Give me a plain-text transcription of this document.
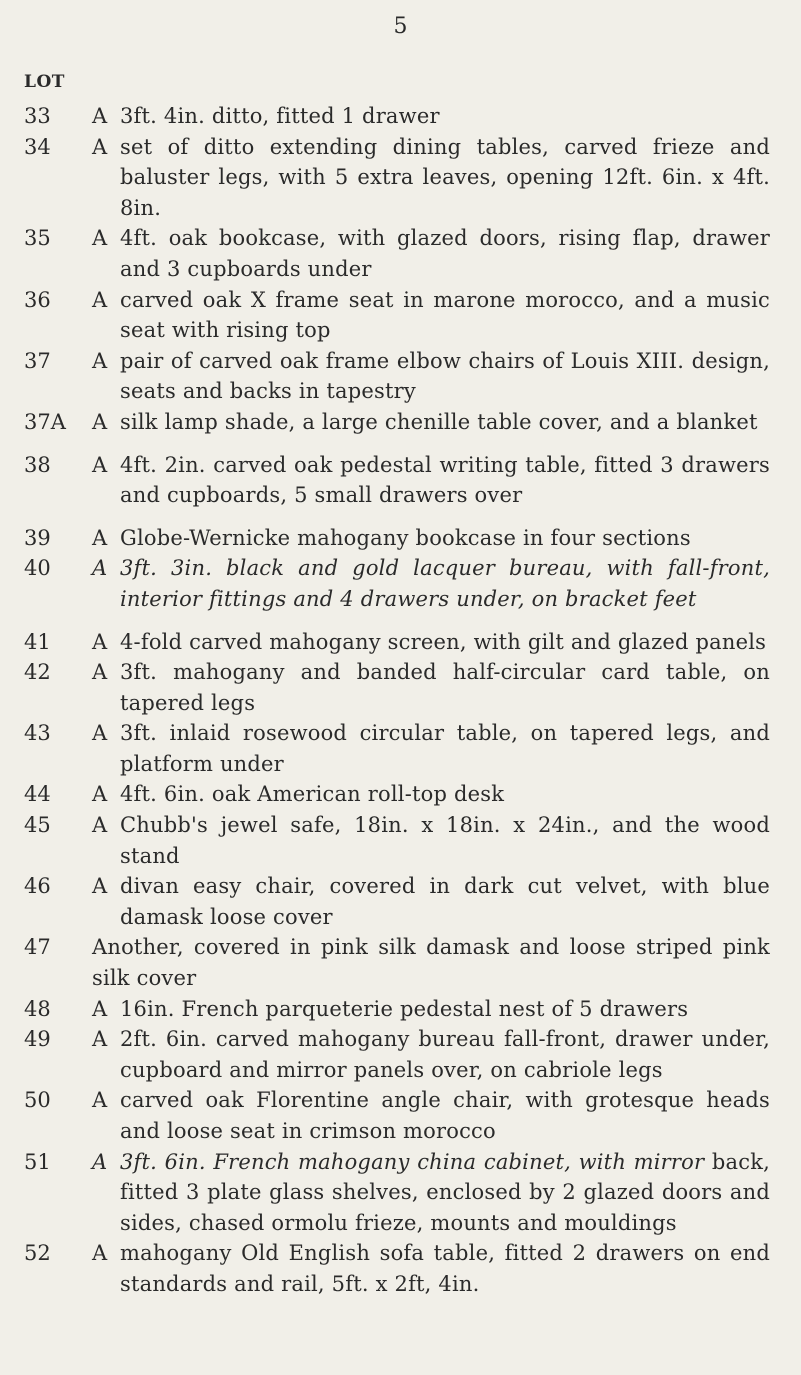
5
LOT
33	A 3ft. 4in. ditto, fitted 1 drawer
34	A set of ditto extending dining tables, carved frieze and baluster legs, with 5 extra leaves, opening 12ft. 6in. x 4ft. 8in.
35	A 4ft. oak bookcase, with glazed doors, rising flap, drawer and 3 cupboards under
36	A carved oak X frame seat in marone morocco, and a music seat with rising top
37	A pair of carved oak frame elbow chairs of Louis XIII. design, seats and backs in tapestry
37A A silk lamp shade, a large chenille table cover, and a blanket
38	A 4ft. 2in. carved oak pedestal writing table, fitted 3 drawers and cupboards, 5 small drawers over
39	A Globe-Wernicke mahogany bookcase in four sections
40	A 3ft. 3in. black and gold lacquer bureau, with fall-front, interior fittings and 4 drawers under, on bracket feet
41	A 4-fold carved mahogany screen, with gilt and glazed panels
42	A 3ft. mahogany and banded half-circular card table, on tapered legs
43	A 3ft. inlaid rosewood circular table, on tapered legs, and platform under
44	A 4ft. 6in. oak American roll-top desk
45	A Chubb's jewel safe, 18in. x 18in. x 24in., and the wood stand
46	A divan easy chair, covered in dark cut velvet, with blue damask loose cover
47	Another, covered in pink silk damask and loose striped pink silk cover
48	A 16in. French parqueterie pedestal nest of 5 drawers
49	A 2ft. 6in. carved mahogany bureau fall-front, drawer under, cupboard and mirror panels over, on cabriole legs
50	A carved oak Florentine angle chair, with grotesque heads and loose seat in crimson morocco
51	A 3ft. 6in. French mahogany china cabinet, with mirror back, fitted 3 plate glass shelves, enclosed by 2 glazed doors and sides, chased ormolu frieze, mounts and mouldings
52	A mahogany Old English sofa table, fitted 2 drawers on end standards and rail, 5ft. x 2ft, 4in.
